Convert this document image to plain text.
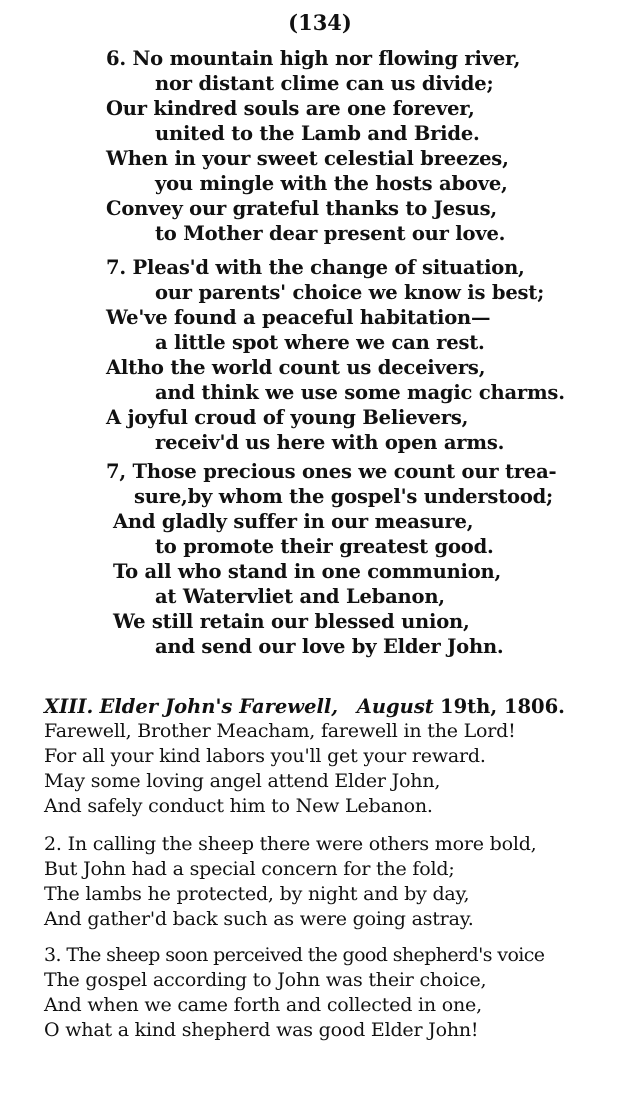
(134)
6. No mountain high nor flowing river,
nor distant clime can us divide;
Our kindred souls are one forever,
united to the Lamb and Bride.
When in your sweet celestial breezes,
you mingle with the hosts above,
Convey our grateful thanks to Jesus,
to Mother dear present our love.
7. Pleas'd with the change of situation,
our parents' choice we know is best;
We've found a peaceful habitation—
a little spot where we can rest.
Altho the world count us deceivers,
and think we use some magic charms.
A joyful croud of young Believers,
receiv'd us here with open arms.
7, Those precious ones we count our trea-
sure,by whom the gospel's understood;
And gladly suffer in our measure,
to promote their greatest good.
To all who stand in one communion,
at Watervliet and Lebanon,
We still retain our blessed union,
and send our love by Elder John.
XIII. Elder John's Farewell, August 19th, 1806.
Farewell, Brother Meacham, farewell in the Lord!
For all your kind labors you'll get your reward.
May some loving angel attend Elder John,
And safely conduct him to New Lebanon.
2. In calling the sheep there were others more bold,
But John had a special concern for the fold;
The lambs he protected, by night and by day,
And gather'd back such as were going astray.
3. The sheep soon perceived the good shepherd's voice
The gospel according to John was their choice,
And when we came forth and collected in one,
O what a kind shepherd was good Elder John!
